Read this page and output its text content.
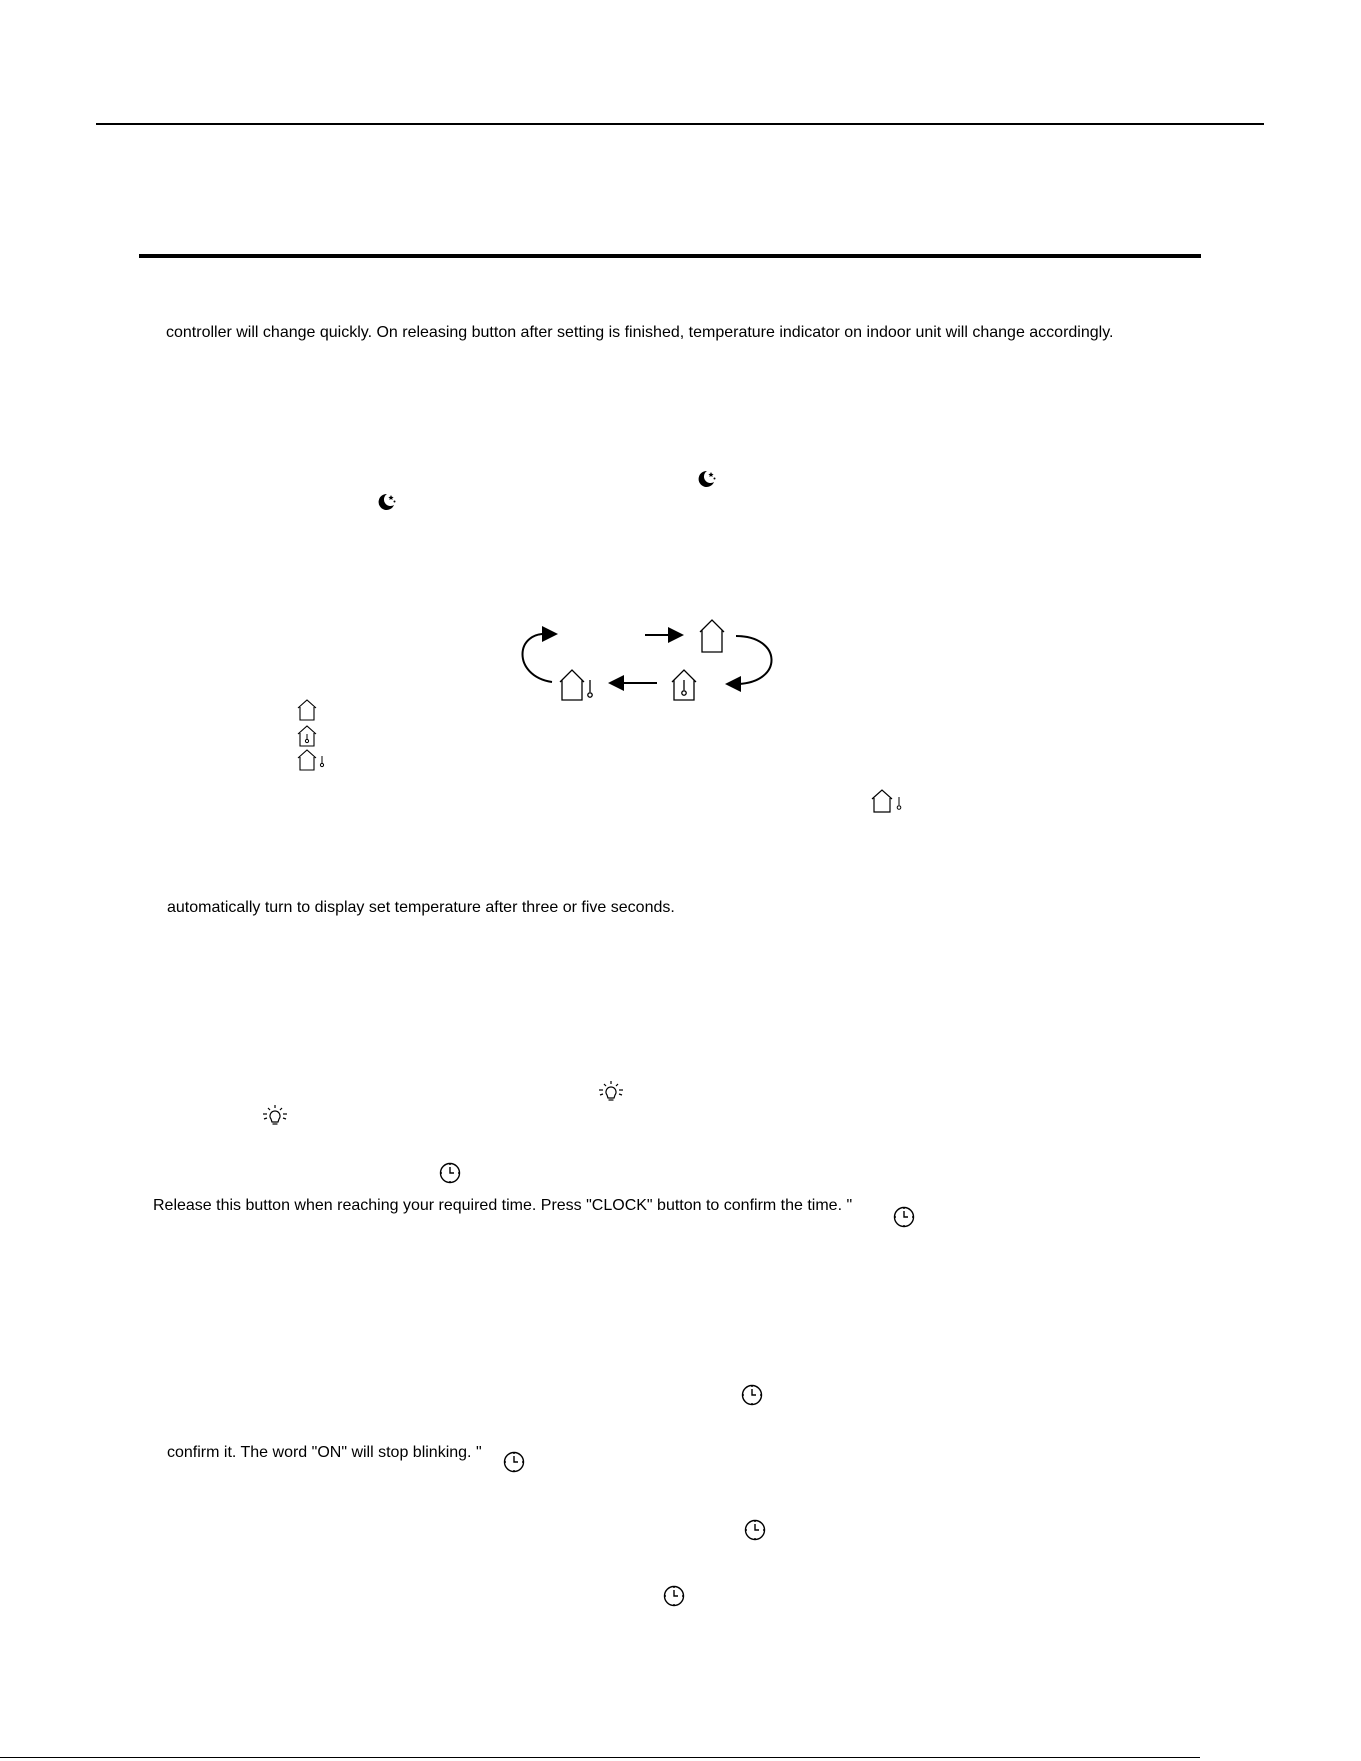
controller will change quickly. On releasing button after setting is finished, temperature indicator on indoor unit will change accordingly.

automatically turn to display set temperature after three or five seconds.

Release this button when reaching your required time. Press "CLOCK" button to confirm the time. "

confirm it. The word "ON" will stop blinking. "
